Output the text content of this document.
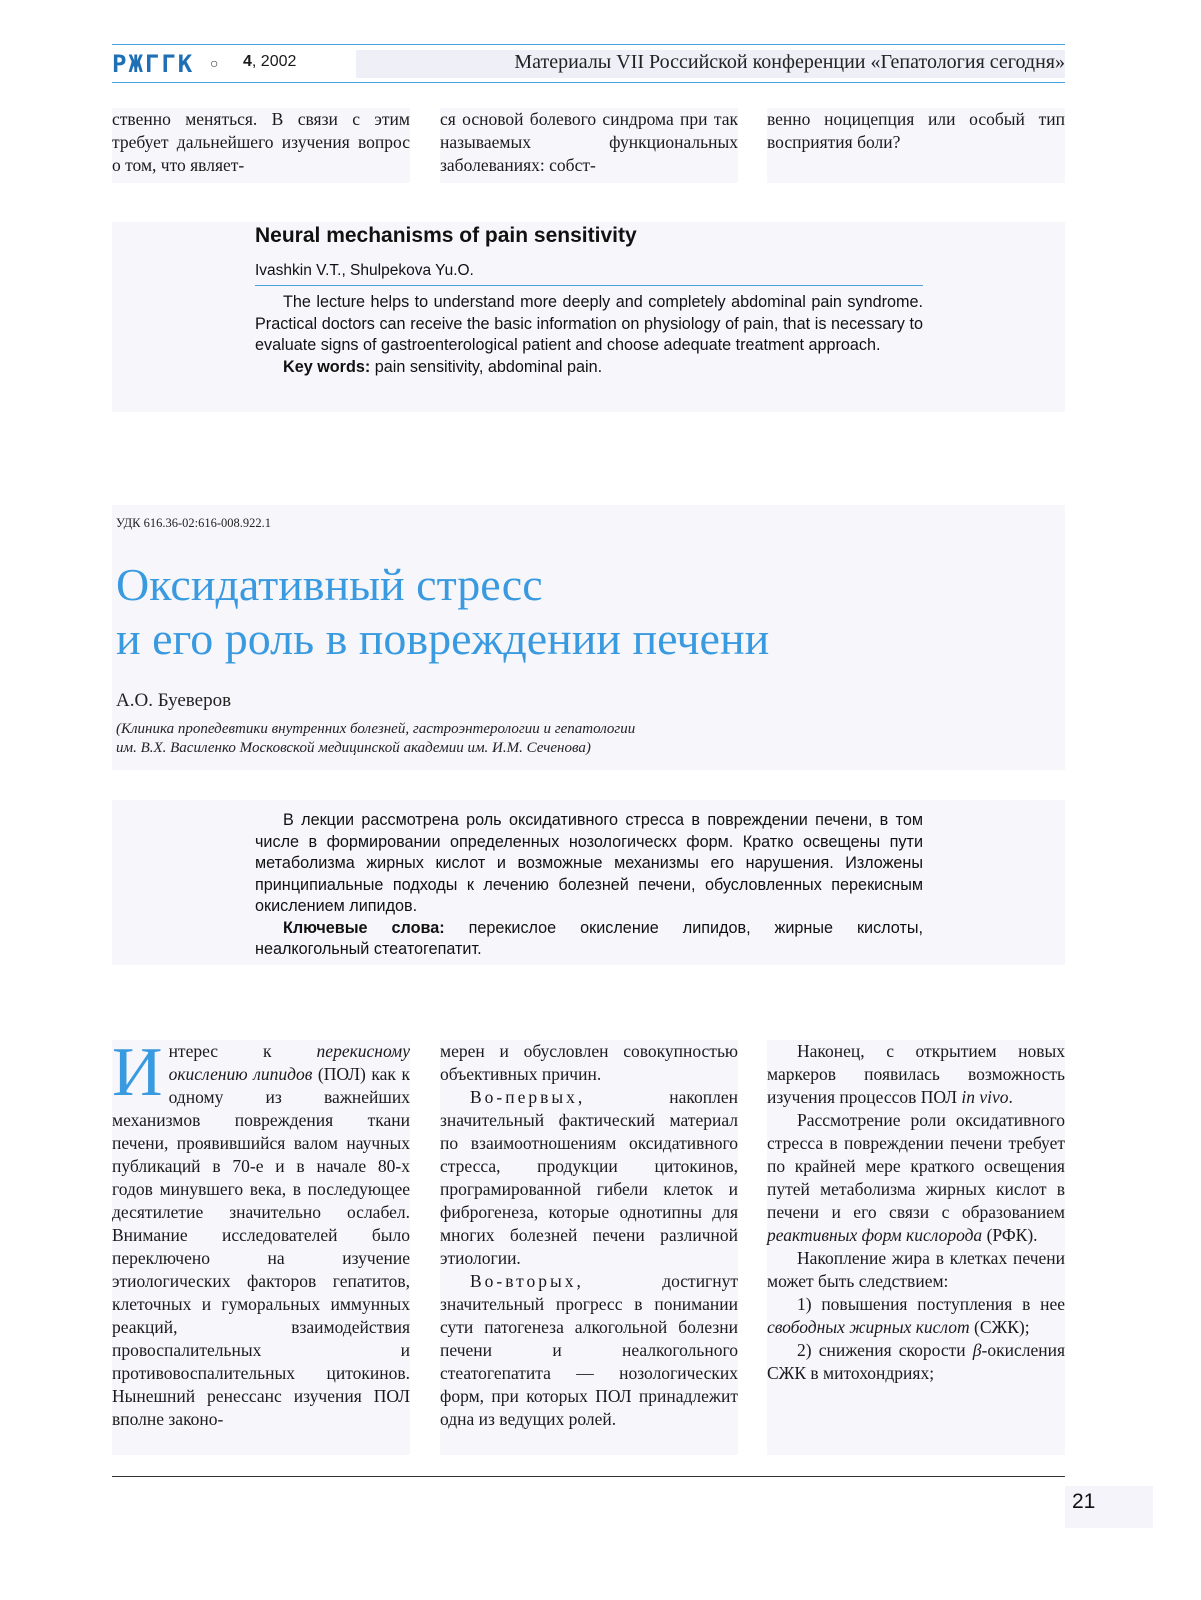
РЖГГК ○ 4, 2002	Материалы VII Российской конференции «Гепатология сегодня»

ственно меняться. В связи с этим требует дальнейшего изучения вопрос о том, что являет-

ся основой болевого синдрома при так называемых функциональных заболеваниях: собст-

венно ноцицепция или особый тип восприятия боли?

Neural mechanisms of pain sensitivity
Ivashkin V.T., Shulpekova Yu.O.

The lecture helps to understand more deeply and completely abdominal pain syndrome. Practical doctors can receive the basic information on physiology of pain, that is necessary to evaluate signs of gastroenterological patient and choose adequate treatment approach.

Key words: pain sensitivity, abdominal pain.

УДК 616.36-02:616-008.922.1
Оксидативный стресс
и его роль в повреждении печени
А.О. Буеверов
(Клиника пропедевтики внутренних болезней, гастроэнтерологии и гепатологии
им. В.Х. Василенко Московской медицинской академии им. И.М. Сеченова)

В лекции рассмотрена роль оксидативного стресса в повреждении печени, в том числе в формировании определенных нозологическх форм. Кратко освещены пути метаболизма жирных кислот и возможные механизмы его нарушения. Изложены принципиальные подходы к лечению болезней печени, обусловленных перекисным окислением липидов.

Ключевые слова: перекислое окисление липидов, жирные кислоты, неалкогольный стеатогепатит.

Интерес к перекисному окислению липидов (ПОЛ) как к одному из важнейших механизмов повреждения ткани печени, проявившийся валом научных публикаций в 70-е и в начале 80-х годов минувшего века, в последующее десятилетие значительно ослабел. Внимание исследователей было переключено на изучение этиологических факторов гепатитов, клеточных и гуморальных иммунных реакций, взаимодействия провоспалительных и противовоспалительных цитокинов. Нынешний ренессанс изучения ПОЛ вполне законо-

мерен и обусловлен совокупностью объективных причин.

Во-первых, накоплен значительный фактический материал по взаимоотношениям оксидативного стресса, продукции цитокинов, програмированной гибели клеток и фиброгенеза, которые однотипны для многих болезней печени различной этиологии.

Во-вторых, достигнут значительный прогресс в понимании сути патогенеза алкогольной болезни печени и неалкогольного стеатогепатита — нозологических форм, при которых ПОЛ принадлежит одна из ведущих ролей.

Наконец, с открытием новых маркеров появилась возможность изучения процессов ПОЛ in vivo.

Рассмотрение роли оксидативного стресса в повреждении печени требует по крайней мере краткого освещения путей метаболизма жирных кислот в печени и его связи с образованием реактивных форм кислорода (РФК).

Накопление жира в клетках печени может быть следствием:

1) повышения поступления в нее свободных жирных кислот (СЖК);

2) снижения скорости β-окисления СЖК в митохондриях;

21
